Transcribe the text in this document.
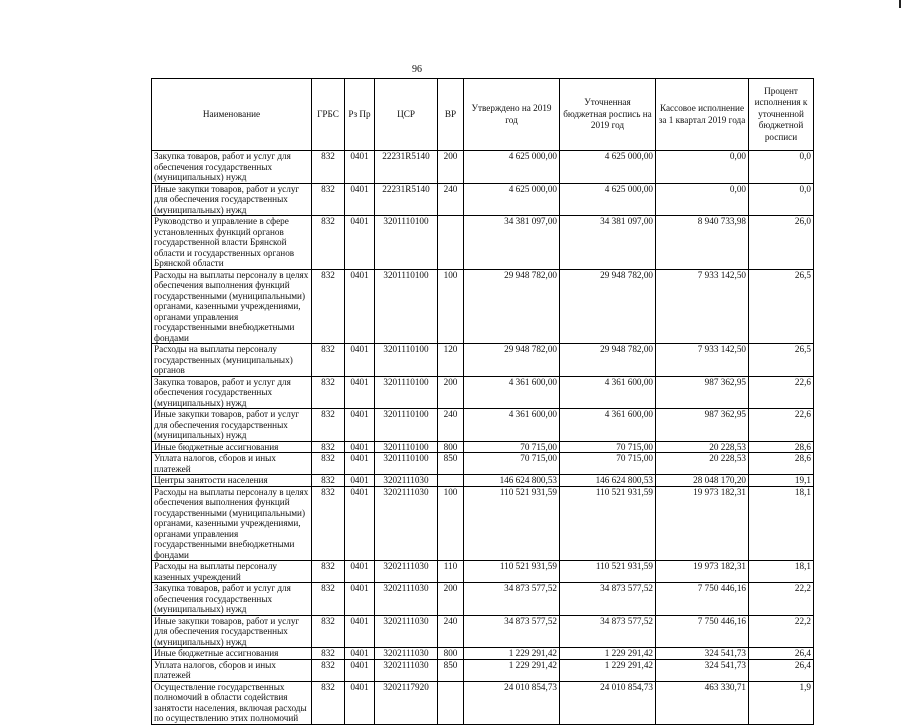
96
Наименование	ГРБС	Рз Пр	ЦСР	ВР	Утверждено на 2019 год	Уточненная бюджетная роспись на 2019 год	Кассовое исполнение за 1 квартал 2019 года	Процент исполнения к уточненной бюджетной росписи
Закупка товаров, работ и услуг для обеспечения государственных (муниципальных) нужд	832	0401	22231R5140	200	4 625 000,00	4 625 000,00	0,00	0,0
Иные закупки товаров, работ и услуг для обеспечения государственных (муниципальных) нужд	832	0401	22231R5140	240	4 625 000,00	4 625 000,00	0,00	0,0
Руководство и управление в сфере установленных функций органов государственной власти Брянской области и государственных органов Брянской области	832	0401	3201110100		34 381 097,00	34 381 097,00	8 940 733,98	26,0
Расходы на выплаты персоналу в целях обеспечения выполнения функций государственными (муниципальными) органами, казенными учреждениями, органами управления государственными внебюджетными фондами	832	0401	3201110100	100	29 948 782,00	29 948 782,00	7 933 142,50	26,5
Расходы на выплаты персоналу государственных (муниципальных) органов	832	0401	3201110100	120	29 948 782,00	29 948 782,00	7 933 142,50	26,5
Закупка товаров, работ и услуг для обеспечения государственных (муниципальных) нужд	832	0401	3201110100	200	4 361 600,00	4 361 600,00	987 362,95	22,6
Иные закупки товаров, работ и услуг для обеспечения государственных (муниципальных) нужд	832	0401	3201110100	240	4 361 600,00	4 361 600,00	987 362,95	22,6
Иные бюджетные ассигнования	832	0401	3201110100	800	70 715,00	70 715,00	20 228,53	28,6
Уплата налогов, сборов и иных платежей	832	0401	3201110100	850	70 715,00	70 715,00	20 228,53	28,6
Центры занятости населения	832	0401	3202111030		146 624 800,53	146 624 800,53	28 048 170,20	19,1
Расходы на выплаты персоналу в целях обеспечения выполнения функций государственными (муниципальными) органами, казенными учреждениями, органами управления государственными внебюджетными фондами	832	0401	3202111030	100	110 521 931,59	110 521 931,59	19 973 182,31	18,1
Расходы на выплаты персоналу казенных учреждений	832	0401	3202111030	110	110 521 931,59	110 521 931,59	19 973 182,31	18,1
Закупка товаров, работ и услуг для обеспечения государственных (муниципальных) нужд	832	0401	3202111030	200	34 873 577,52	34 873 577,52	7 750 446,16	22,2
Иные закупки товаров, работ и услуг для обеспечения государственных (муниципальных) нужд	832	0401	3202111030	240	34 873 577,52	34 873 577,52	7 750 446,16	22,2
Иные бюджетные ассигнования	832	0401	3202111030	800	1 229 291,42	1 229 291,42	324 541,73	26,4
Уплата налогов, сборов и иных платежей	832	0401	3202111030	850	1 229 291,42	1 229 291,42	324 541,73	26,4
Осуществление государственных полномочий в области содействия занятости населения, включая расходы по осуществлению этих полномочий	832	0401	3202117920		24 010 854,73	24 010 854,73	463 330,71	1,9
